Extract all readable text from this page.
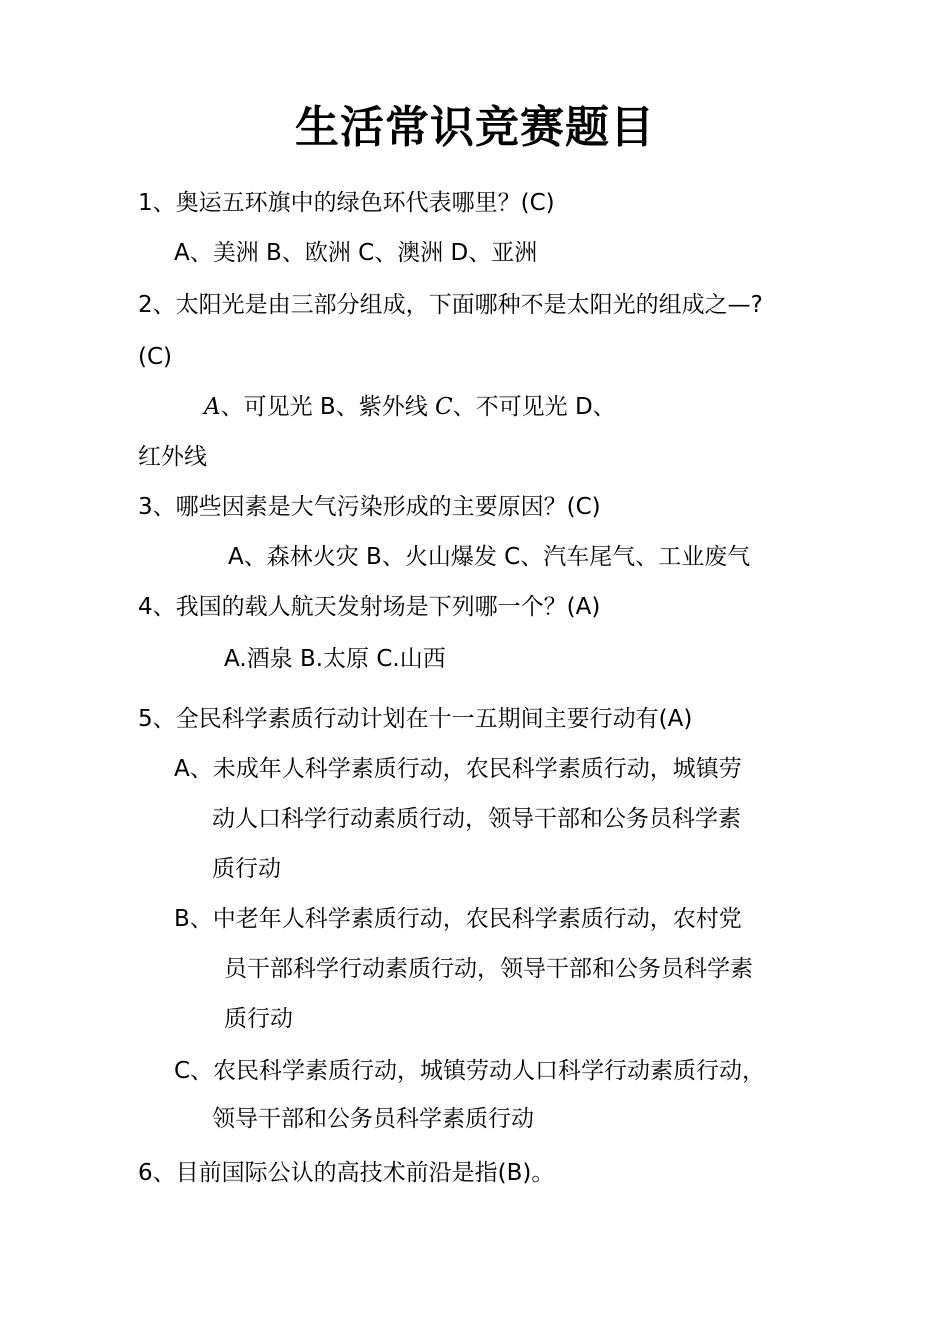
生活常识竞赛题目
1、奥运五环旗中的绿色环代表哪里？(C)
A、美洲 B、欧洲 C、澳洲 D、亚洲
2、太阳光是由三部分组成，下面哪种不是太阳光的组成之—?
(C)
A、可见光 B、紫外线 C、不可见光 D、
红外线
3、哪些因素是大气污染形成的主要原因？(C)
A、森林火灾 B、火山爆发 C、汽车尾气、工业废气
4、我国的载人航天发射场是下列哪一个？(A)
A.酒泉 B.太原 C.山西
5、全民科学素质行动计划在十一五期间主要行动有(A)
A、未成年人科学素质行动，农民科学素质行动，城镇劳
动人口科学行动素质行动，领导干部和公务员科学素
质行动
B、中老年人科学素质行动，农民科学素质行动，农村党
员干部科学行动素质行动，领导干部和公务员科学素
质行动
C、农民科学素质行动，城镇劳动人口科学行动素质行动，
领导干部和公务员科学素质行动
6、目前国际公认的高技术前沿是指(B)。
